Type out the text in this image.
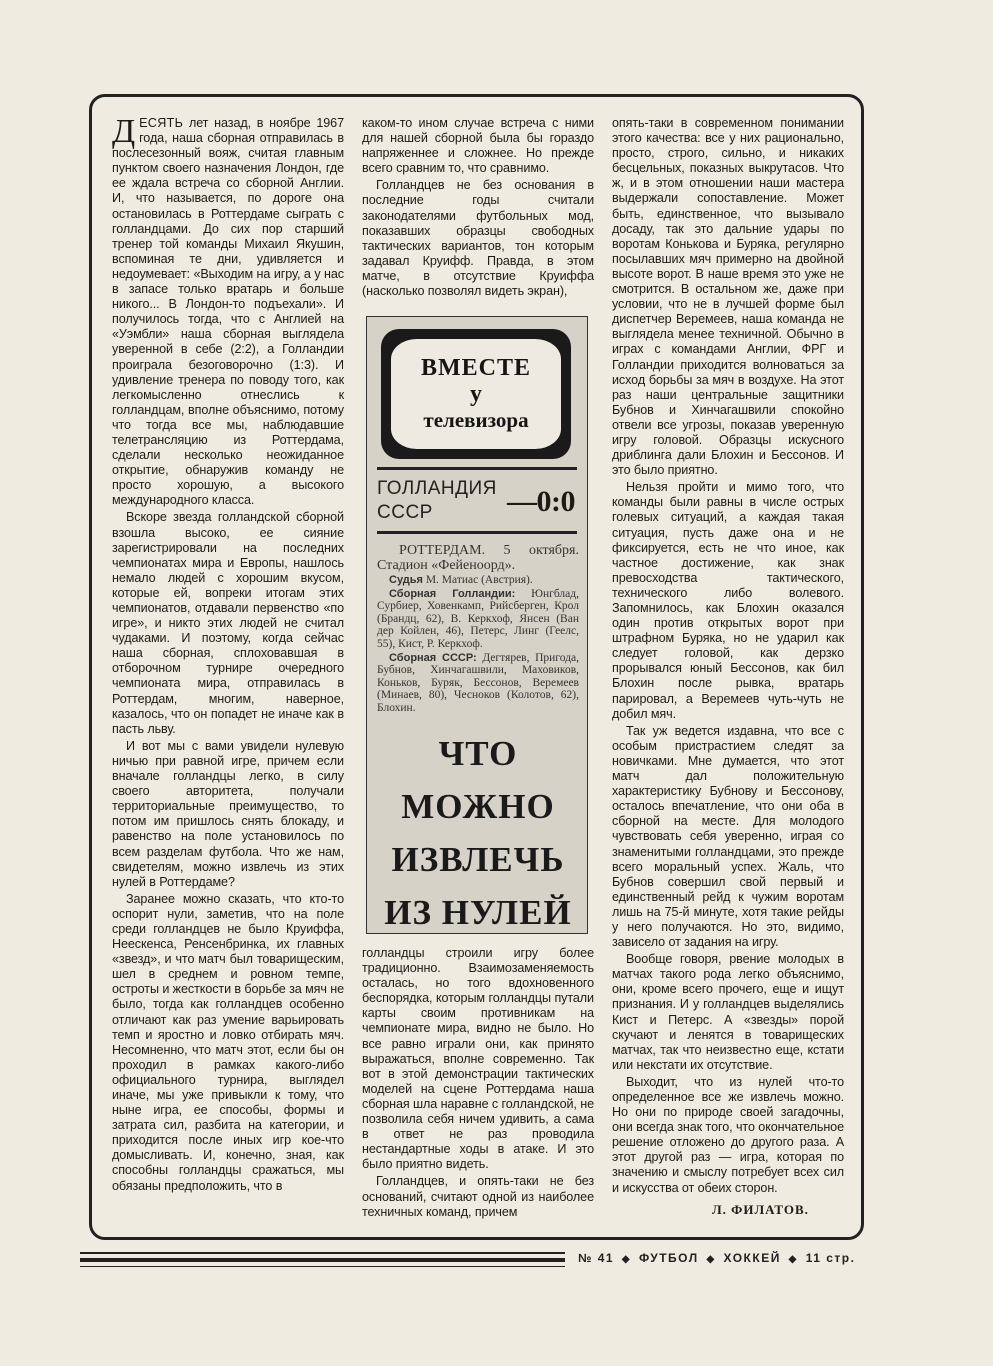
ДЕСЯТЬ лет назад, в ноябре 1967 года, наша сборная отправилась в послесезонный вояж, считая главным пунктом своего назначения Лондон, где ее ждала встреча со сборной Англии. И, что называется, по дороге она остановилась в Роттердаме сыграть с голландцами. До сих пор старший тренер той команды Михаил Якушин, вспоминая те дни, удивляется и недоумевает: «Выходим на игру, а у нас в запасе только вратарь и больше никого... В Лондон-то подъехали». И получилось тогда, что с Англией на «Уэмбли» наша сборная выглядела уверенной в себе (2:2), а Голландии проиграла безоговорочно (1:3). И удивление тренера по поводу того, как легкомысленно отнеслись к голландцам, вполне объяснимо, потому что тогда все мы, наблюдавшие телетрансляцию из Роттердама, сделали несколько неожиданное открытие, обнаружив команду не просто хорошую, а высокого международного класса.

Вскоре звезда голландской сборной взошла высоко, ее сияние зарегистрировали на последних чемпионатах мира и Европы, нашлось немало людей с хорошим вкусом, которые ей, вопреки итогам этих чемпионатов, отдавали первенство «по игре», и никто этих людей не считал чудаками. И поэтому, когда сейчас наша сборная, сплоховавшая в отборочном турнире очередного чемпионата мира, отправилась в Роттердам, многим, наверное, казалось, что он попадет не иначе как в пасть льву.

И вот мы с вами увидели нулевую ничью при равной игре, причем если вначале голландцы легко, в силу своего авторитета, получали территориальные преимущество, то потом им пришлось снять блокаду, и равенство на поле установилось по всем разделам футбола. Что же нам, свидетелям, можно извлечь из этих нулей в Роттердаме?

Заранее можно сказать, что кто-то оспорит нули, заметив, что на поле среди голландцев не было Круиффа, Неескенса, Ренсенбринка, их главных «звезд», и что матч был товарищеским, шел в среднем и ровном темпе, остроты и жесткости в борьбе за мяч не было, тогда как голландцев особенно отличают как раз умение варьировать темп и яростно и ловко отбирать мяч. Несомненно, что матч этот, если бы он проходил в рамках какого-либо официального турнира, выглядел иначе, мы уже привыкли к тому, что ныне игра, ее способы, формы и затрата сил, разбита на категории, и приходится после иных игр кое-что домысливать. И, конечно, зная, как способны голландцы сражаться, мы обязаны предположить, что в

каком-то ином случае встреча с ними для нашей сборной была бы гораздо напряженнее и сложнее. Но прежде всего сравним то, что сравнимо.

Голландцев не без основания в последние годы считали законодателями футбольных мод, показавших образцы свободных тактических вариантов, тон которым задавал Круифф. Правда, в этом матче, в отсутствие Круиффа (насколько позволял видеть экран),

ВМЕСТЕ
у
телевизора
ГОЛЛАНДИЯ
СССР	—0:0

РОТТЕРДАМ. 5 октября. Стадион «Фейеноорд».

Судья М. Матиас (Австрия).

Сборная Голландии: Юнгблад, Сурбиер, Ховенкамп, Рийсберген, Крол (Брандц, 62), В. Керкхоф, Янсен (Ван дер Койлен, 46), Петерс, Линг (Геелс, 55), Кист, Р. Керкхоф.

Сборная СССР: Дегтярев, Пригода, Бубнов, Хинчагашвили, Маховиков, Коньков, Буряк, Бессонов, Веремеев (Минаев, 80), Чесноков (Колотов, 62), Блохин.

ЧТО
МОЖНО
ИЗВЛЕЧЬ
ИЗ НУЛЕЙ

голландцы строили игру более традиционно. Взаимозаменяемость осталась, но того вдохновенного беспорядка, которым голландцы путали карты своим противникам на чемпионате мира, видно не было. Но все равно играли они, как принято выражаться, вполне современно. Так вот в этой демонстрации тактических моделей на сцене Роттердама наша сборная шла наравне с голландской, не позволила себя ничем удивить, а сама в ответ не раз проводила нестандартные ходы в атаке. И это было приятно видеть.

Голландцев, и опять-таки не без оснований, считают одной из наиболее техничных команд, причем

опять-таки в современном понимании этого качества: все у них рационально, просто, строго, сильно, и никаких бесцельных, показных выкрутасов. Что ж, и в этом отношении наши мастера выдержали сопоставление. Может быть, единственное, что вызывало досаду, так это дальние удары по воротам Конькова и Буряка, регулярно посылавших мяч примерно на двойной высоте ворот. В наше время это уже не смотрится. В остальном же, даже при условии, что не в лучшей форме был диспетчер Веремеев, наша команда не выглядела менее техничной. Обычно в играх с командами Англии, ФРГ и Голландии приходится волноваться за исход борьбы за мяч в воздухе. На этот раз наши центральные защитники Бубнов и Хинчагашвили спокойно отвели все угрозы, показав уверенную игру головой. Образцы искусного дриблинга дали Блохин и Бессонов. И это было приятно.

Нельзя пройти и мимо того, что команды были равны в числе острых голевых ситуаций, а каждая такая ситуация, пусть даже она и не фиксируется, есть не что иное, как частное достижение, как знак превосходства тактического, технического либо волевого. Запомнилось, как Блохин оказался один против открытых ворот при штрафном Буряка, но не ударил как следует головой, как дерзко прорывался юный Бессонов, как бил Блохин после рывка, вратарь парировал, а Веремеев чуть-чуть не добил мяч.

Так уж ведется издавна, что все с особым пристрастием следят за новичками. Мне думается, что этот матч дал положительную характеристику Бубнову и Бессонову, осталось впечатление, что они оба в сборной на месте. Для молодого чувствовать себя уверенно, играя со знаменитыми голландцами, это прежде всего моральный успех. Жаль, что Бубнов совершил свой первый и единственный рейд к чужим воротам лишь на 75-й минуте, хотя такие рейды у него получаются. Но это, видимо, зависело от задания на игру.

Вообще говоря, рвение молодых в матчах такого рода легко объяснимо, они, кроме всего прочего, еще и ищут признания. И у голландцев выделялись Кист и Петерс. А «звезды» порой скучают и ленятся в товарищеских матчах, так что неизвестно еще, кстати или некстати их отсутствие.

Выходит, что из нулей что-то определенное все же извлечь можно. Но они по природе своей загадочны, они всегда знак того, что окончательное решение отложено до другого раза. А этот другой раз — игра, которая по значению и смыслу потребует всех сил и искусства от обеих сторон.

Л. ФИЛАТОВ.
№ 41 ◆ ФУТБОЛ ◆ ХОККЕЙ ◆ 11 стр.
